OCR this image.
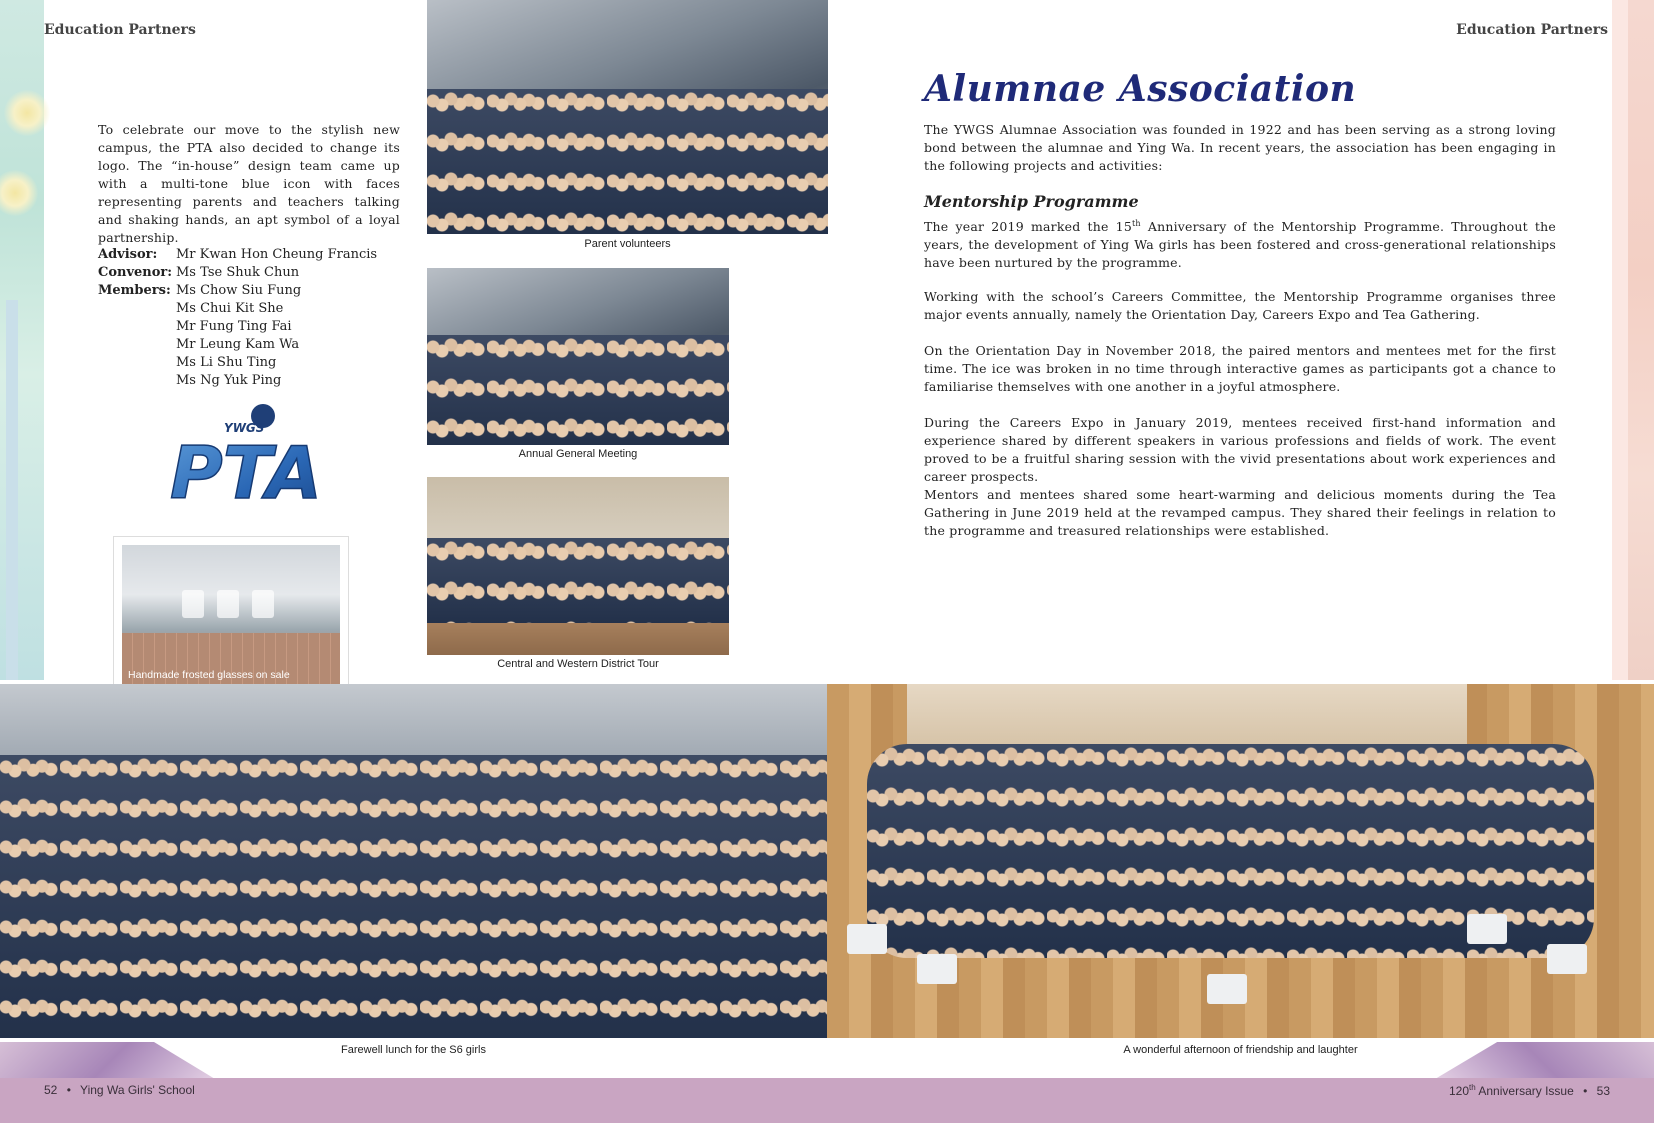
Education Partners	Education Partners
To celebrate our move to the stylish new campus, the PTA also decided to change its logo. The “in-house” design team came up with a multi-tone blue icon with faces representing parents and teachers talking and shaking hands, an apt symbol of a loyal partnership.
Advisor:	Mr Kwan Hon Cheung Francis
Convenor: Ms Tse Shuk Chun
Members: Ms Chow Siu Fung
Ms Chui Kit She
Mr Fung Ting Fai
Mr Leung Kam Wa
Ms Li Shu Ting
Ms Ng Yuk Ping
PTA
YWGS
Handmade frosted glasses on sale
Parent volunteers
Annual General Meeting
Central and Western District Tour
Farewell lunch for the S6 girls	A wonderful afternoon of friendship and laughter
Alumnae Association
The YWGS Alumnae Association was founded in 1922 and has been serving as a strong loving bond between the alumnae and Ying Wa. In recent years, the association has been engaging in the following projects and activities:
Mentorship Programme
The year 2019 marked the 15th Anniversary of the Mentorship Programme. Throughout the years, the development of Ying Wa girls has been fostered and cross-generational relationships have been nurtured by the programme.
Working with the school’s Careers Committee, the Mentorship Programme organises three major events annually, namely the Orientation Day, Careers Expo and Tea Gathering.
On the Orientation Day in November 2018, the paired mentors and mentees met for the first time. The ice was broken in no time through interactive games as participants got a chance to familiarise themselves with one another in a joyful atmosphere.
During the Careers Expo in January 2019, mentees received first-hand information and experience shared by different speakers in various professions and fields of work. The event proved to be a fruitful sharing session with the vivid presentations about work experiences and career prospects.
Mentors and mentees shared some heart-warming and delicious moments during the Tea Gathering in June 2019 held at the revamped campus. They shared their feelings in relation to the programme and treasured relationships were established.
52 • Ying Wa Girls' School	120th Anniversary Issue • 53
